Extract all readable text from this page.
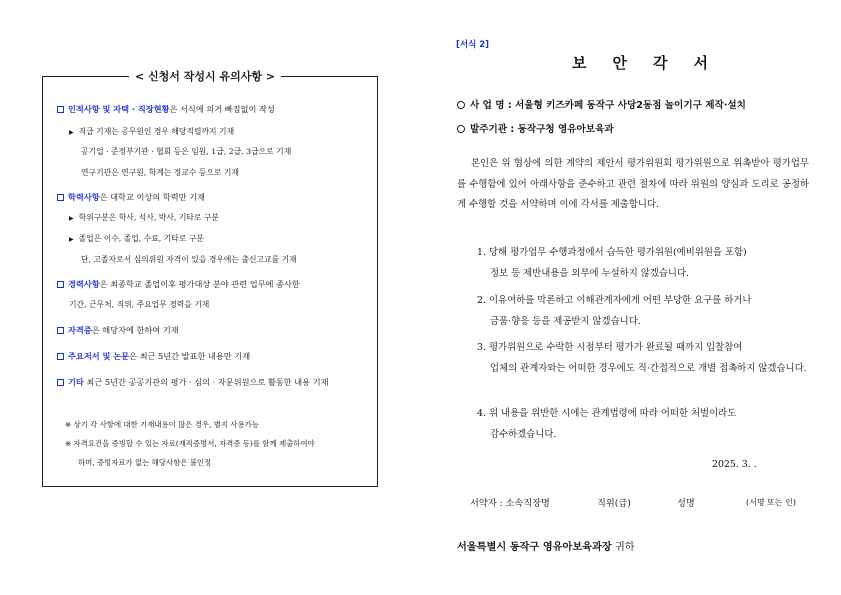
< 신청서 작성시 유의사항 >
인적사항 및 자택 · 직장현황은 서식에 의거 빠짐없이 작성
▶ 직급 기재는 공무원인 경우 해당직렬까지 기재
공기업 · 준정부기관 · 협회 등은 임원, 1급, 2급, 3급으로 기재
연구기관은 연구원, 학계는 정교수 등으로 기재
학력사항은 대학교 이상의 학력만 기재
▶ 학위구분은 학사, 석사, 박사, 기타로 구분
▶ 졸업은 이수, 졸업, 수료, 기타로 구분
단, 고졸자로서 심의위원 자격이 있을 경우에는 출신고교를 기재
경력사항은 최종학교 졸업이후 평가대상 분야 관련 업무에 종사한
기간, 근무처, 직위, 주요업무 경력을 기재
자격증은 해당자에 한하여 기재
주요저서 및 논문은 최근 5년간 발표한 내용만 기재
기타 최근 5년간 공공기관의 평가 · 심의 · 자문위원으로 활동한 내용 기재
※ 상기 각 사항에 대한 기재내용이 많은 경우, 별지 사용가능
※ 자격요건을 증빙할 수 있는 자료(재직증명서, 자격증 등)를 함께 제출하여야
하며, 증빙자료가 없는 해당사항은 불인정
[서식 2]
보안각서
사 업 명 : 서울형 키즈카페 동작구 사당2동점 놀이기구 제작·설치
발주기관 : 동작구청 영유아보육과
본인은 위 협상에 의한 계약의 제안서 평가위원회 평가위원으로 위촉받아 평가업무를 수행함에 있어 아래사항을 준수하고 관련 절차에 따라 위원의 양심과 도리로 공정하게 수행할 것을 서약하며 이에 각서를 제출합니다.
1. 당해 평가업무 수행과정에서 습득한 평가위원(예비위원을 포함)
정보 등 제반내용을 외부에 누설하지 않겠습니다.
2. 이유여하를 막론하고 이해관계자에게 어떤 부당한 요구를 하거나
금품·향응 등을 제공받지 않겠습니다.
3. 평가위원으로 수락한 시점부터 평가가 완료될 때까지 입찰참여
업체의 관계자와는 어떠한 경우에도 직·간접적으로 개별 접촉하지 않겠습니다.
4. 위 내용을 위반한 시에는 관계법령에 따라 어떠한 처벌이라도
감수하겠습니다.
2025. 3. .
서약자 : 소속직장명	직위(급)	성명	(서명 또는 인)
서울특별시 동작구 영유아보육과장 귀하
